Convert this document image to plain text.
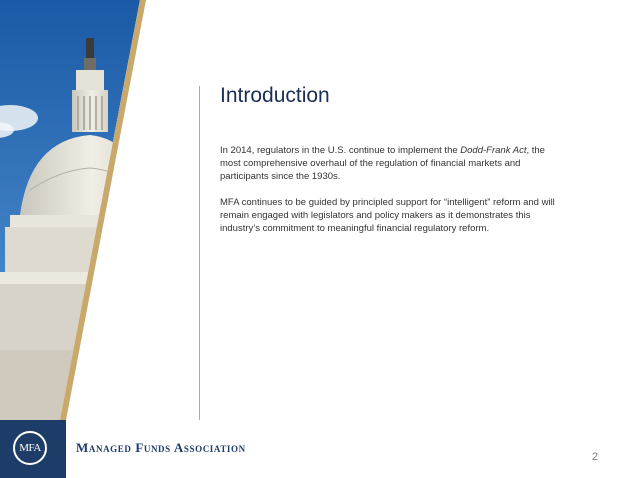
MFA	Managed Funds Association
Introduction

In 2014, regulators in the U.S. continue to implement the Dodd-Frank Act, the most comprehensive overhaul of the regulation of financial markets and participants since the 1930s.

MFA continues to be guided by principled support for “intelligent” reform and will remain engaged with legislators and policy makers as it demonstrates this industry’s commitment to meaningful financial regulatory reform.

2
